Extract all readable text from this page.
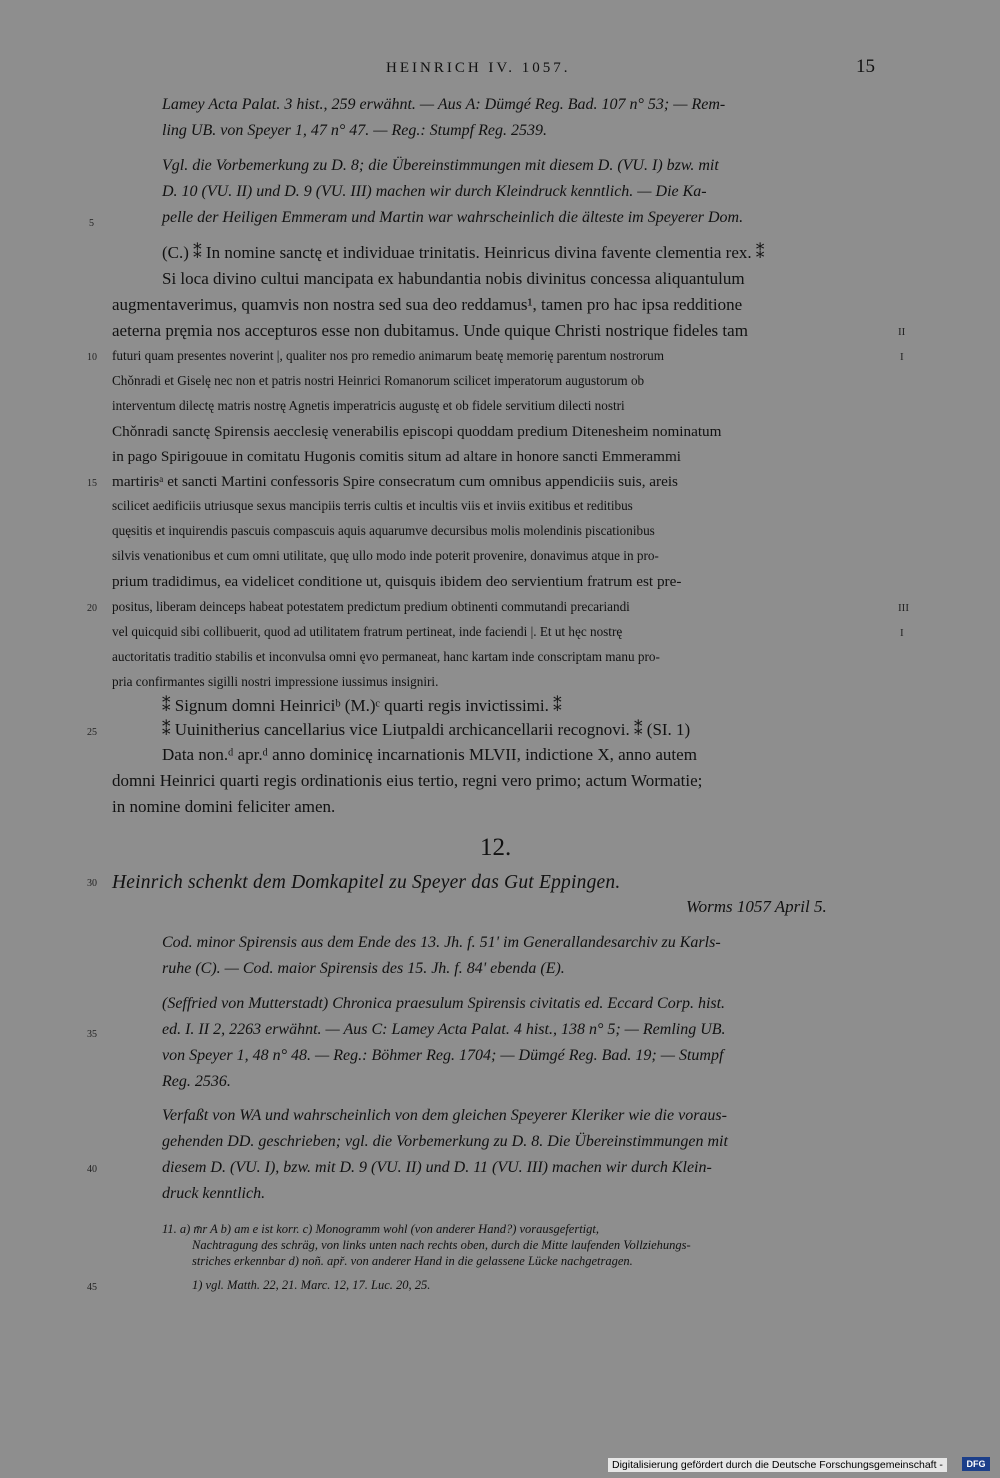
HEINRICH IV. 1057.	15
Lamey Acta Palat. 3 hist., 259 erwähnt. — Aus A: Dümgé Reg. Bad. 107 n° 53; — Rem-
ling UB. von Speyer 1, 47 n° 47. — Reg.: Stumpf Reg. 2539.
Vgl. die Vorbemerkung zu D. 8; die Übereinstimmungen mit diesem D. (VU. I) bzw. mit
D. 10 (VU. II) und D. 9 (VU. III) machen wir durch Kleindruck kenntlich. — Die Ka-
pelle der Heiligen Emmeram und Martin war wahrscheinlich die älteste im Speyerer Dom.
(C.) ⁑ In nomine sanctę et individuae trinitatis. Heinricus divina favente clementia rex. ⁑
Si loca divino cultui mancipata ex habundantia nobis divinitus concessa aliquantulum
augmentaverimus, quamvis non nostra sed sua deo reddamus¹, tamen pro hac ipsa redditione
aeterna pręmia nos accepturos esse non dubitamus. Unde quique Christi nostrique fideles tam
futuri quam presentes noverint |, qualiter nos pro remedio animarum beatę memorię parentum nostrorum
Chǒnradi et Giselę nec non et patris nostri Heinrici Romanorum scilicet imperatorum augustorum ob
interventum dilectę matris nostrę Agnetis imperatricis augustę et ob fidele servitium dilecti nostri
Chǒnradi sanctę Spirensis aecclesię venerabilis episcopi quoddam predium Ditenesheim nominatum
in pago Spirigouue in comitatu Hugonis comitis situm ad altare in honore sancti Emmerammi
martirisᵃ et sancti Martini confessoris Spire consecratum cum omnibus appendiciis suis, areis
scilicet aedificiis utriusque sexus mancipiis terris cultis et incultis viis et inviis exitibus et reditibus
quęsitis et inquirendis pascuis compascuis aquis aquarumve decursibus molis molendinis piscationibus
silvis venationibus et cum omni utilitate, quę ullo modo inde poterit provenire, donavimus atque in pro-
prium tradidimus, ea videlicet conditione ut, quisquis ibidem deo servientium fratrum est pre-
positus, liberam deinceps habeat potestatem predictum predium obtinenti commutandi precariandi
vel quicquid sibi collibuerit, quod ad utilitatem fratrum pertineat, inde faciendi |. Et ut hęc nostrę
auctoritatis traditio stabilis et inconvulsa omni ęvo permaneat, hanc kartam inde conscriptam manu pro-
pria confirmantes sigilli nostri impressione iussimus insigniri.
⁑ Signum domni Heinriciᵇ (M.)ᶜ quarti regis invictissimi. ⁑
⁑ Uuinitherius cancellarius vice Liutpaldi archicancellarii recognovi. ⁑ (SI. 1)
Data non.ᵈ apr.ᵈ anno dominicę incarnationis MLVII, indictione X, anno autem
domni Heinrici quarti regis ordinationis eius tertio, regni vero primo; actum Wormatie;
in nomine domini feliciter amen.
12.
Heinrich schenkt dem Domkapitel zu Speyer das Gut Eppingen.
Worms 1057 April 5.
Cod. minor Spirensis aus dem Ende des 13. Jh. f. 51' im Generallandesarchiv zu Karls-
ruhe (C). — Cod. maior Spirensis des 15. Jh. f. 84' ebenda (E).
(Seffried von Mutterstadt) Chronica praesulum Spirensis civitatis ed. Eccard Corp. hist.
ed. I. II 2, 2263 erwähnt. — Aus C: Lamey Acta Palat. 4 hist., 138 n° 5; — Remling UB.
von Speyer 1, 48 n° 48. — Reg.: Böhmer Reg. 1704; — Dümgé Reg. Bad. 19; — Stumpf
Reg. 2536.
Verfaßt von WA und wahrscheinlich von dem gleichen Speyerer Kleriker wie die voraus-
gehenden DD. geschrieben; vgl. die Vorbemerkung zu D. 8. Die Übereinstimmungen mit
diesem D. (VU. I), bzw. mit D. 9 (VU. II) und D. 11 (VU. III) machen wir durch Klein-
druck kenntlich.
11. a) m̄r A b) am e ist korr. c) Monogramm wohl (von anderer Hand?) vorausgefertigt,
Nachtragung des schräg, von links unten nach rechts oben, durch die Mitte laufenden Vollziehungs-
striches erkennbar d) noñ. apř. von anderer Hand in die gelassene Lücke nachgetragen.
1) vgl. Matth. 22, 21. Marc. 12, 17. Luc. 20, 25.
5
10
15
20
25
30
35
40
45
II
I
III
I
Digitalisierung gefördert durch die Deutsche Forschungsgemeinschaft -	DFG
